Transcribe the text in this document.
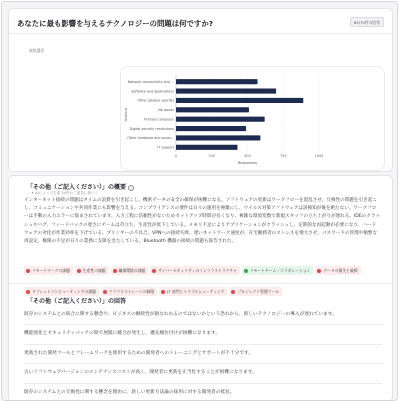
あなたに最も影響を与えるテクノロジーの問題は何ですか?	65/70件の回答
複数選択
0	250	500	750	1000
Network connectivity and ...
Software and applications
Other (please specify)
No issues
Primary computer
Digital security restrictions
Other hardware and acces...
IT support
Responses
Options
「その他（ご記入ください）」の概要 i
✦ AIによって生成 24件のご意見に基づく
インターネット接続の問題はタイムの浪費を引き起こし、機密データの安全の確保が困難になる。ソフトウェアの更新はワークフローを混乱させ、互換性の問題を引き起こし、コミュニケーションや共同作業にも影響を与える。コンプライアンスの要件は日々の運用を複雑にし、ウイルス対策ソフトウェアは誤検知が後を絶たない。ワークフローは手動の入力エラーに悩まされています。入力工程に信頼性がないためセットアップ時間が長くなり、複雑な環境変数で新規スタッフの立ち上がりが遅れる。IDEのクラッシュやバグ、フィードバックの遅さにチームは苛立ち、生産性が低下している。メモリ不足によりアプリケーションがクラッシュし、定期的な再起動が必要になり、ハードウェアの劣化が作業効率を下げている。プリンターの不具合、VPNへの接続失敗、遅いネットワーク速度が、在宅勤務者のストレスを増大させ、パスワードの管理や頻繁な再設定、権限の不足が日々の業務に支障をきたしている。Bluetooth 機器の接続の問題も報告された。
リモートワークの課題	生産性の課題	職場環境の課題	サイバーセキュリティのインフラストラクチャ	リモートチーム・コラボレーション	データの損失と破損タブレットコンピューティングの課題	クラウドストレージの制限	IT 部門とトラブルシューティング	プロジェクト管理ツール
「その他（ご記入ください）」の回答
既存のシステムとの統合に関する懸念や、ビジネスの継続性が損なわれるのではないかという恐れから、新しいテクノロジーの導入が遅れています。
機能強化とセキュリティパッチの間で展開に競合が発生し、優先順位付けが困難になります。
更新された開発ツールとフレームワークを使用するための開発者へのトレーニングとサポートが不十分です。
古いソフトウェアバージョンのメンテナンスコストが高く、開発者に更新を正当化することが困難になります。
既存のシステムとの互換性に関する懸念を理由に、新しい更新方法論の採用に対する開発者の抵抗。
